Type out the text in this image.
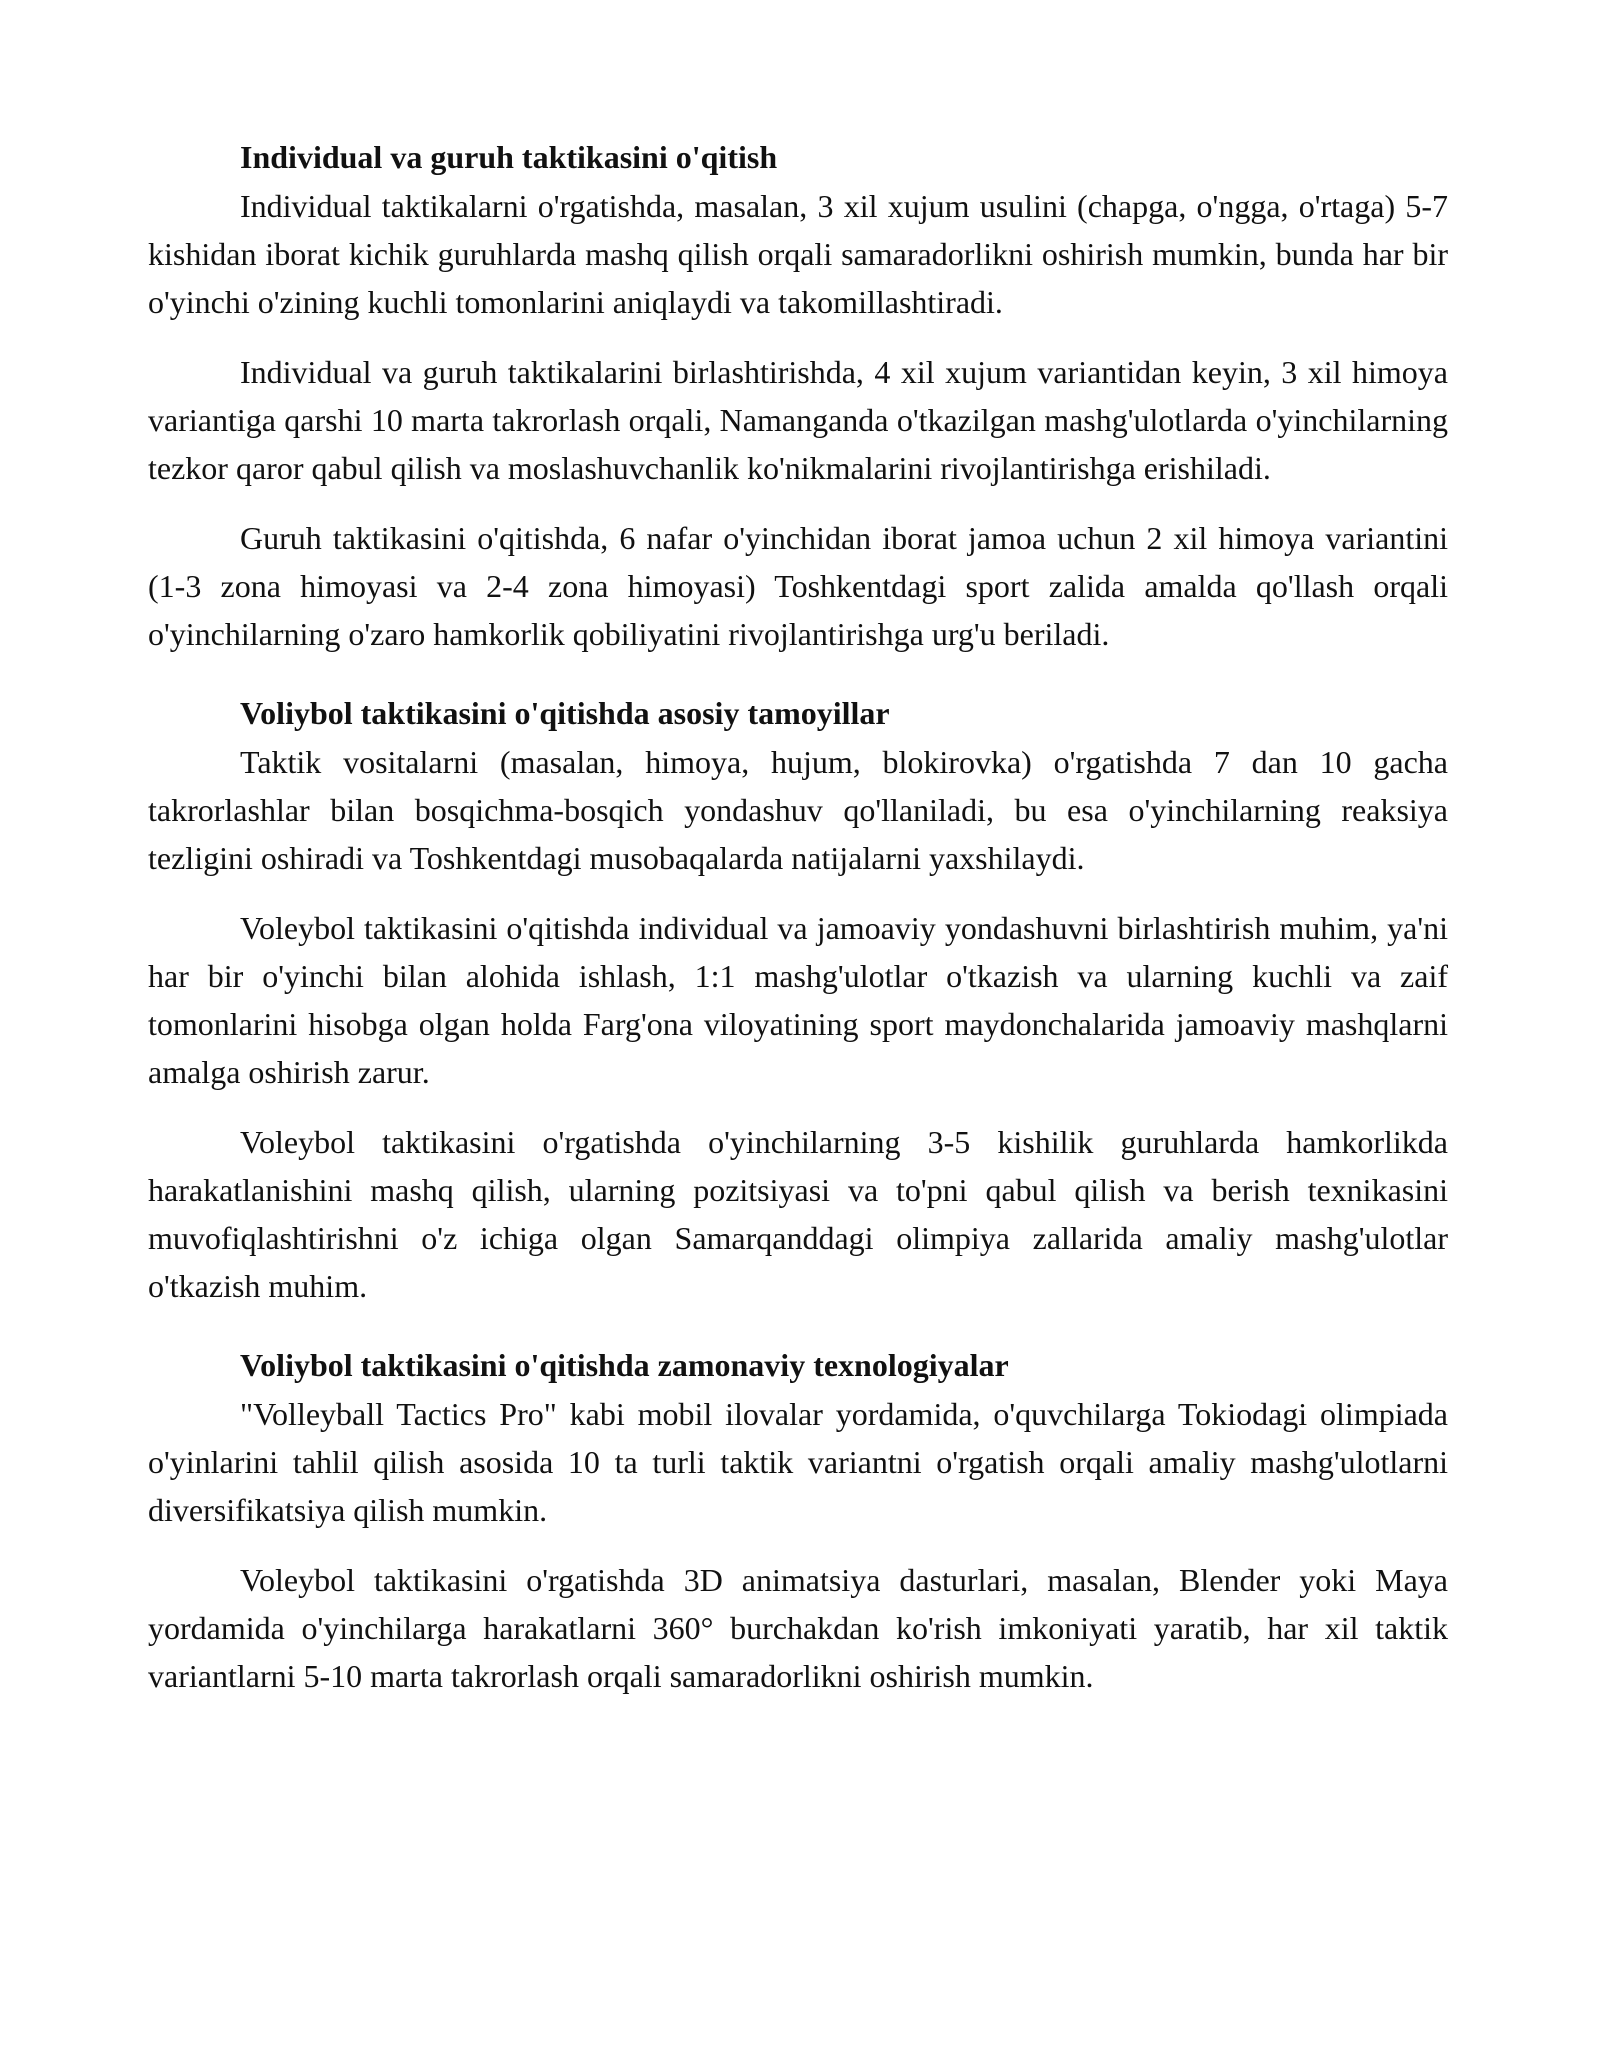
Individual va guruh taktikasini o'qitish

Individual taktikalarni o'rgatishda, masalan, 3 xil xujum usulini (chapga, o'ngga, o'rtaga) 5-7 kishidan iborat kichik guruhlarda mashq qilish orqali samaradorlikni oshirish mumkin, bunda har bir o'yinchi o'zining kuchli tomonlarini aniqlaydi va takomillashtiradi.

Individual va guruh taktikalarini birlashtirishda, 4 xil xujum variantidan keyin, 3 xil himoya variantiga qarshi 10 marta takrorlash orqali, Namanganda o'tkazilgan mashg'ulotlarda o'yinchilarning tezkor qaror qabul qilish va moslashuvchanlik ko'nikmalarini rivojlantirishga erishiladi.

Guruh taktikasini o'qitishda, 6 nafar o'yinchidan iborat jamoa uchun 2 xil himoya variantini (1-3 zona himoyasi va 2-4 zona himoyasi) Toshkentdagi sport zalida amalda qo'llash orqali o'yinchilarning o'zaro hamkorlik qobiliyatini rivojlantirishga urg'u beriladi.

Voliybol taktikasini o'qitishda asosiy tamoyillar

Taktik vositalarni (masalan, himoya, hujum, blokirovka) o'rgatishda 7 dan 10 gacha takrorlashlar bilan bosqichma-bosqich yondashuv qo'llaniladi, bu esa o'yinchilarning reaksiya tezligini oshiradi va Toshkentdagi musobaqalarda natijalarni yaxshilaydi.

Voleybol taktikasini o'qitishda individual va jamoaviy yondashuvni birlashtirish muhim, ya'ni har bir o'yinchi bilan alohida ishlash, 1:1 mashg'ulotlar o'tkazish va ularning kuchli va zaif tomonlarini hisobga olgan holda Farg'ona viloyatining sport maydonchalarida jamoaviy mashqlarni amalga oshirish zarur.

Voleybol taktikasini o'rgatishda o'yinchilarning 3-5 kishilik guruhlarda hamkorlikda harakatlanishini mashq qilish, ularning pozitsiyasi va to'pni qabul qilish va berish texnikasini muvofiqlashtirishni o'z ichiga olgan Samarqanddagi olimpiya zallarida amaliy mashg'ulotlar o'tkazish muhim.

Voliybol taktikasini o'qitishda zamonaviy texnologiyalar

"Volleyball Tactics Pro" kabi mobil ilovalar yordamida, o'quvchilarga Tokiodagi olimpiada o'yinlarini tahlil qilish asosida 10 ta turli taktik variantni o'rgatish orqali amaliy mashg'ulotlarni diversifikatsiya qilish mumkin.

Voleybol taktikasini o'rgatishda 3D animatsiya dasturlari, masalan, Blender yoki Maya yordamida o'yinchilarga harakatlarni 360° burchakdan ko'rish imkoniyati yaratib, har xil taktik variantlarni 5-10 marta takrorlash orqali samaradorlikni oshirish mumkin.
